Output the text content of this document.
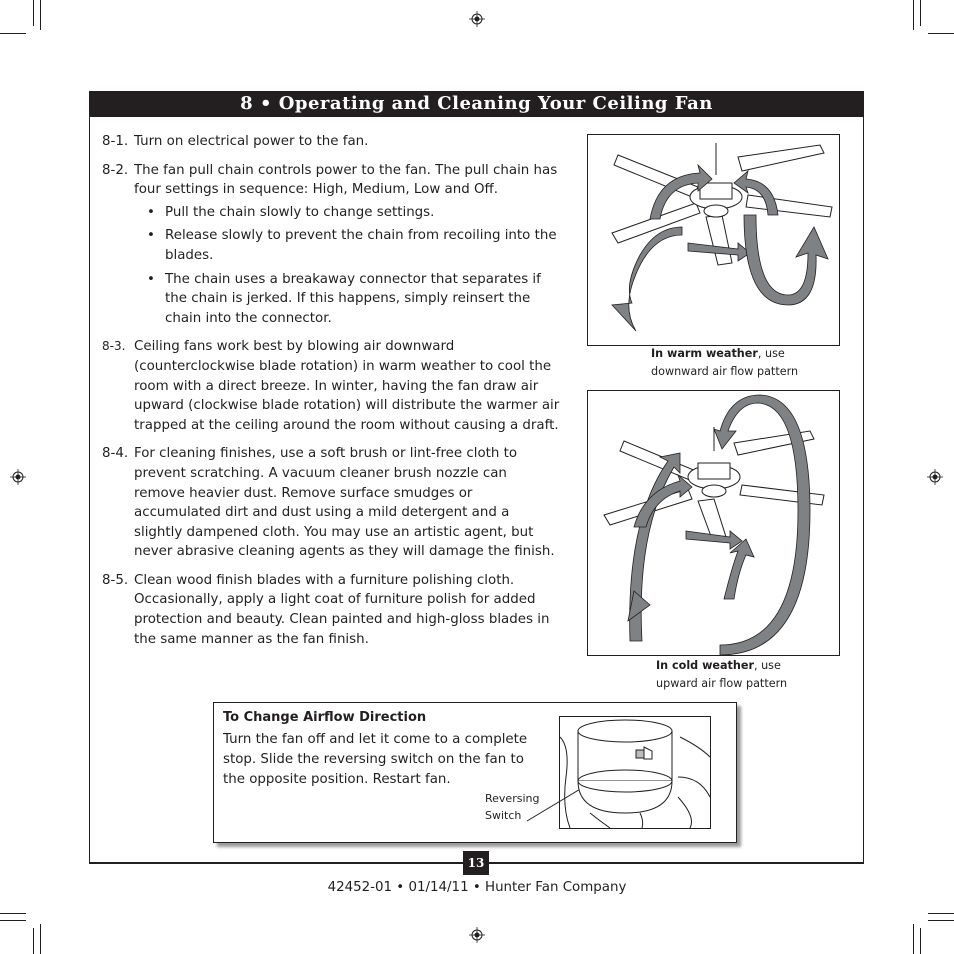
8 • Operating and Cleaning Your Ceiling Fan
8-1. Turn on electrical power to the fan.
8-2. The fan pull chain controls power to the fan. The pull chain has four settings in sequence: High, Medium, Low and Off.
• Pull the chain slowly to change settings.
• Release slowly to prevent the chain from recoiling into the blades.
• The chain uses a breakaway connector that separates if the chain is jerked. If this happens, simply reinsert the chain into the connector.
8-3. Ceiling fans work best by blowing air downward (counterclockwise blade rotation) in warm weather to cool the room with a direct breeze. In winter, having the fan draw air upward (clockwise blade rotation) will distribute the warmer air trapped at the ceiling around the room without causing a draft.
8-4. For cleaning finishes, use a soft brush or lint-free cloth to prevent scratching. A vacuum cleaner brush nozzle can remove heavier dust. Remove surface smudges or accumulated dirt and dust using a mild detergent and a slightly dampened cloth. You may use an artistic agent, but never abrasive cleaning agents as they will damage the finish.
8-5. Clean wood finish blades with a furniture polishing cloth. Occasionally, apply a light coat of furniture polish for added protection and beauty. Clean painted and high-gloss blades in the same manner as the fan finish.
In warm weather, use downward air flow pattern
In cold weather, use upward air flow pattern
To Change Airflow Direction
Turn the fan off and let it come to a complete stop. Slide the reversing switch on the fan to the opposite position. Restart fan.
Reversing
Switch
13
42452-01 • 01/14/11 • Hunter Fan Company
